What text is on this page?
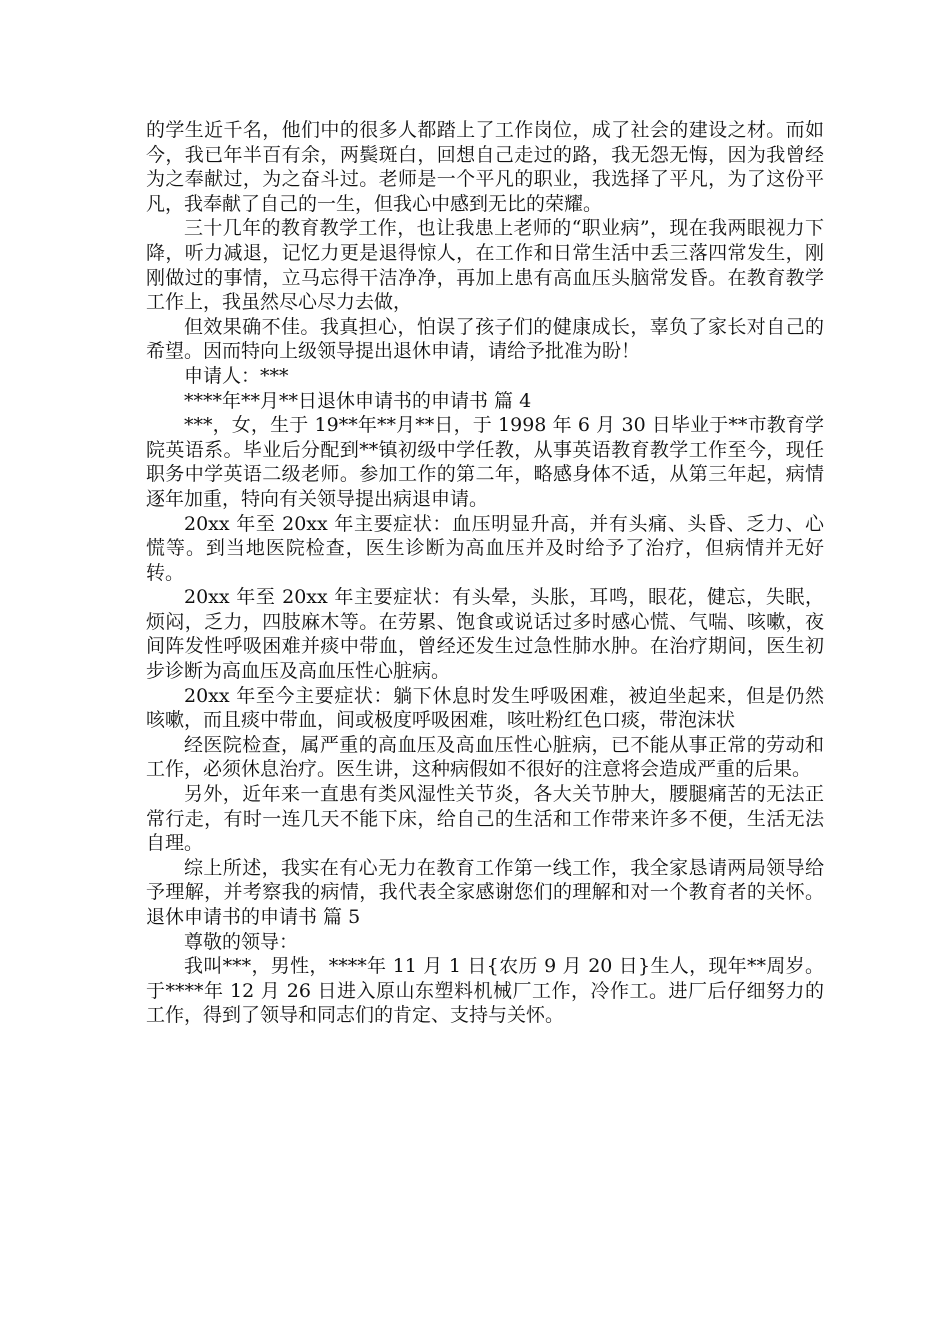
的学生近千名，他们中的很多人都踏上了工作岗位，成了社会的建设之材。而如今，我已年半百有余，两鬓斑白，回想自己走过的路，我无怨无悔，因为我曾经为之奉献过，为之奋斗过。老师是一个平凡的职业，我选择了平凡，为了这份平凡，我奉献了自己的一生，但我心中感到无比的荣耀。

三十几年的教育教学工作，也让我患上老师的“职业病”，现在我两眼视力下降，听力减退，记忆力更是退得惊人，在工作和日常生活中丢三落四常发生，刚刚做过的事情，立马忘得干洁净净，再加上患有高血压头脑常发昏。在教育教学工作上，我虽然尽心尽力去做，

但效果确不佳。我真担心，怕误了孩子们的健康成长，辜负了家长对自己的希望。因而特向上级领导提出退休申请，请给予批准为盼！

申请人：***

****年**月**日退休申请书的申请书 篇 4

***，女，生于 19**年**月**日，于 1998 年 6 月 30 日毕业于**市教育学院英语系。毕业后分配到**镇初级中学任教，从事英语教育教学工作至今，现任职务中学英语二级老师。参加工作的第二年，略感身体不适，从第三年起，病情逐年加重，特向有关领导提出病退申请。

20xx 年至 20xx 年主要症状：血压明显升高，并有头痛、头昏、乏力、心慌等。到当地医院检查，医生诊断为高血压并及时给予了治疗，但病情并无好转。

20xx 年至 20xx 年主要症状：有头晕，头胀，耳鸣，眼花，健忘，失眠，烦闷，乏力，四肢麻木等。在劳累、饱食或说话过多时感心慌、气喘、咳嗽，夜间阵发性呼吸困难并痰中带血，曾经还发生过急性肺水肿。在治疗期间，医生初步诊断为高血压及高血压性心脏病。

20xx 年至今主要症状：躺下休息时发生呼吸困难，被迫坐起来，但是仍然咳嗽，而且痰中带血，间或极度呼吸困难，咳吐粉红色口痰，带泡沫状

经医院检查，属严重的高血压及高血压性心脏病，已不能从事正常的劳动和工作，必须休息治疗。医生讲，这种病假如不很好的注意将会造成严重的后果。

另外，近年来一直患有类风湿性关节炎，各大关节肿大，腰腿痛苦的无法正常行走，有时一连几天不能下床，给自己的生活和工作带来许多不便，生活无法自理。

综上所述，我实在有心无力在教育工作第一线工作，我全家恳请两局领导给予理解，并考察我的病情，我代表全家感谢您们的理解和对一个教育者的关怀。退休申请书的申请书 篇 5

尊敬的领导：

我叫***，男性，****年 11 月 1 日{农历 9 月 20 日}生人，现年**周岁。于****年 12 月 26 日进入原山东塑料机械厂工作，冷作工。进厂后仔细努力的工作，得到了领导和同志们的肯定、支持与关怀。
